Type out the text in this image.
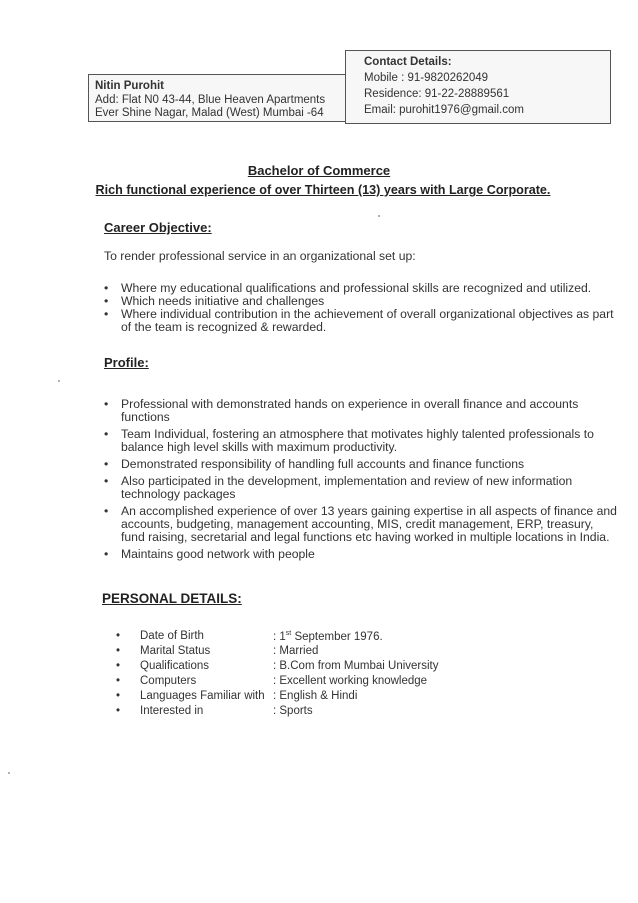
Nitin Purohit
Add: Flat N0 43-44, Blue Heaven Apartments
Ever Shine Nagar, Malad (West) Mumbai -64
Contact Details:
Mobile : 91-9820262049
Residence: 91-22-28889561
Email: purohit1976@gmail.com
Bachelor of Commerce
Rich functional experience of over Thirteen (13) years with Large Corporate.
Career Objective:
To render professional service in an organizational set up:
• Where my educational qualifications and professional skills are recognized and utilized.
• Which needs initiative and challenges
• Where individual contribution in the achievement of overall organizational objectives as part of the team is recognized & rewarded.
Profile:
• Professional with demonstrated hands on experience in overall finance and accounts functions
• Team Individual, fostering an atmosphere that motivates highly talented professionals to balance high level skills with maximum productivity.
• Demonstrated responsibility of handling full accounts and finance functions
• Also participated in the development, implementation and review of new information technology packages
• An accomplished experience of over 13 years gaining expertise in all aspects of finance and accounts, budgeting, management accounting, MIS, credit management, ERP, treasury, fund raising, secretarial and legal functions etc having worked in multiple locations in India.
• Maintains good network with people
PERSONAL DETAILS:
• Date of Birth	: 1st September 1976.
• Marital Status	: Married
• Qualifications	: B.Com from Mumbai University
• Computers	: Excellent working knowledge
• Languages Familiar with : English & Hindi
• Interested in	: Sports
